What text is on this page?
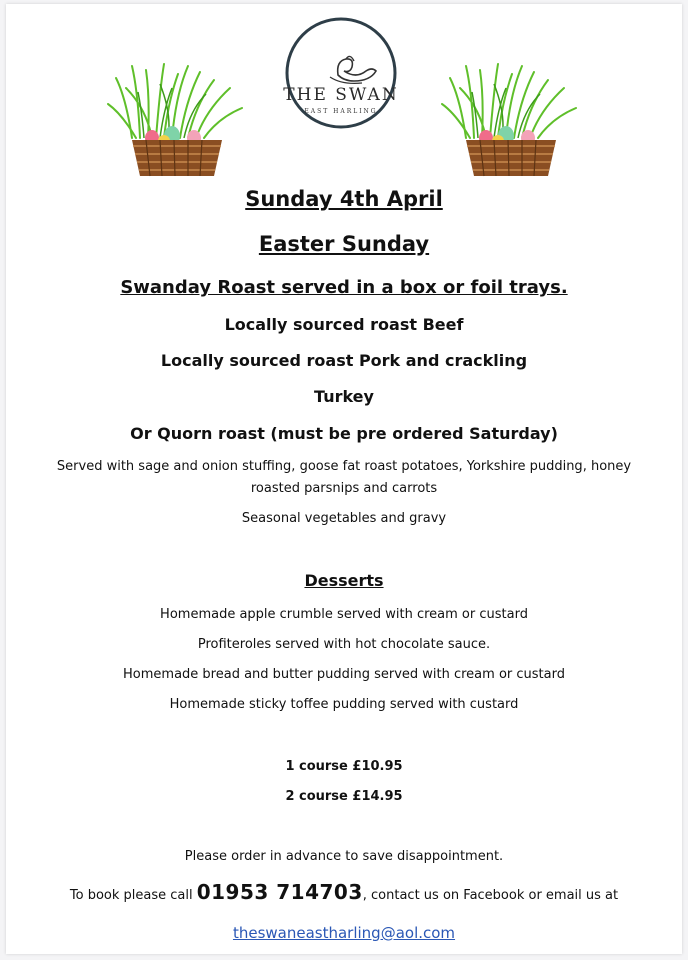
THE SWAN
EAST HARLING
Sunday 4th April
Easter Sunday
Swanday Roast served in a box or foil trays.
Locally sourced roast Beef
Locally sourced roast Pork and crackling
Turkey
Or Quorn roast (must be pre ordered Saturday)
Served with sage and onion stuffing, goose fat roast potatoes, Yorkshire pudding, honey
roasted parsnips and carrots
Seasonal vegetables and gravy
Desserts
Homemade apple crumble served with cream or custard
Profiteroles served with hot chocolate sauce.
Homemade bread and butter pudding served with cream or custard
Homemade sticky toffee pudding served with custard
1 course £10.95
2 course £14.95
Please order in advance to save disappointment.
To book please call 01953 714703, contact us on Facebook or email us at
theswaneastharling@aol.com
